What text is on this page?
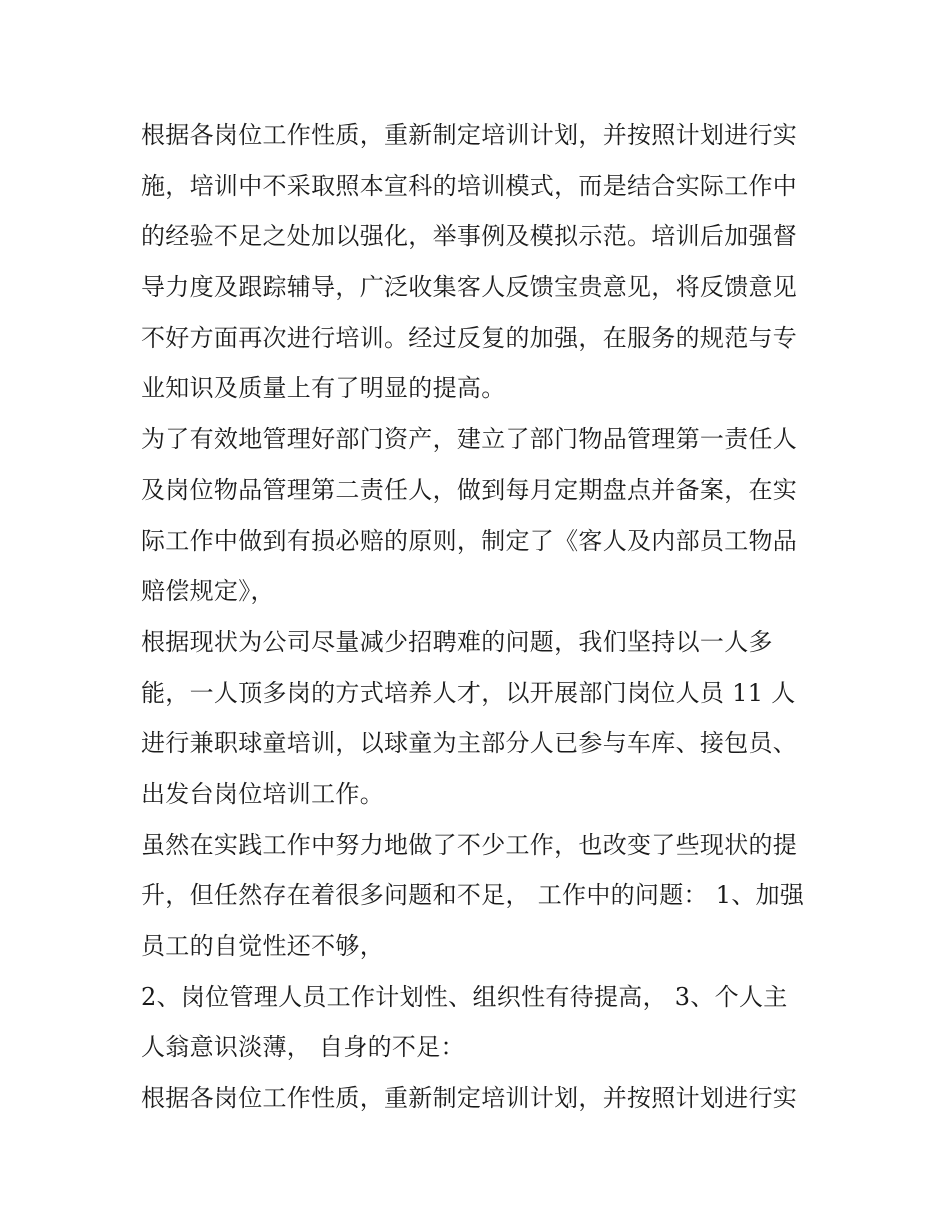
根据各岗位工作性质，重新制定培训计划，并按照计划进行实
施，培训中不采取照本宣科的培训模式，而是结合实际工作中
的经验不足之处加以强化，举事例及模拟示范。培训后加强督
导力度及跟踪辅导，广泛收集客人反馈宝贵意见，将反馈意见
不好方面再次进行培训。经过反复的加强，在服务的规范与专
业知识及质量上有了明显的提高。
为了有效地管理好部门资产，建立了部门物品管理第一责任人
及岗位物品管理第二责任人，做到每月定期盘点并备案，在实
际工作中做到有损必赔的原则，制定了《客人及内部员工物品
赔偿规定》，
根据现状为公司尽量减少招聘难的问题，我们坚持以一人多
能，一人顶多岗的方式培养人才，以开展部门岗位人员 11 人
进行兼职球童培训，以球童为主部分人已参与车库、接包员、
出发台岗位培训工作。
虽然在实践工作中努力地做了不少工作，也改变了些现状的提
升，但任然存在着很多问题和不足， 工作中的问题： 1、加强
员工的自觉性还不够，
2、岗位管理人员工作计划性、组织性有待提高， 3、个人主
人翁意识淡薄， 自身的不足：
根据各岗位工作性质，重新制定培训计划，并按照计划进行实
